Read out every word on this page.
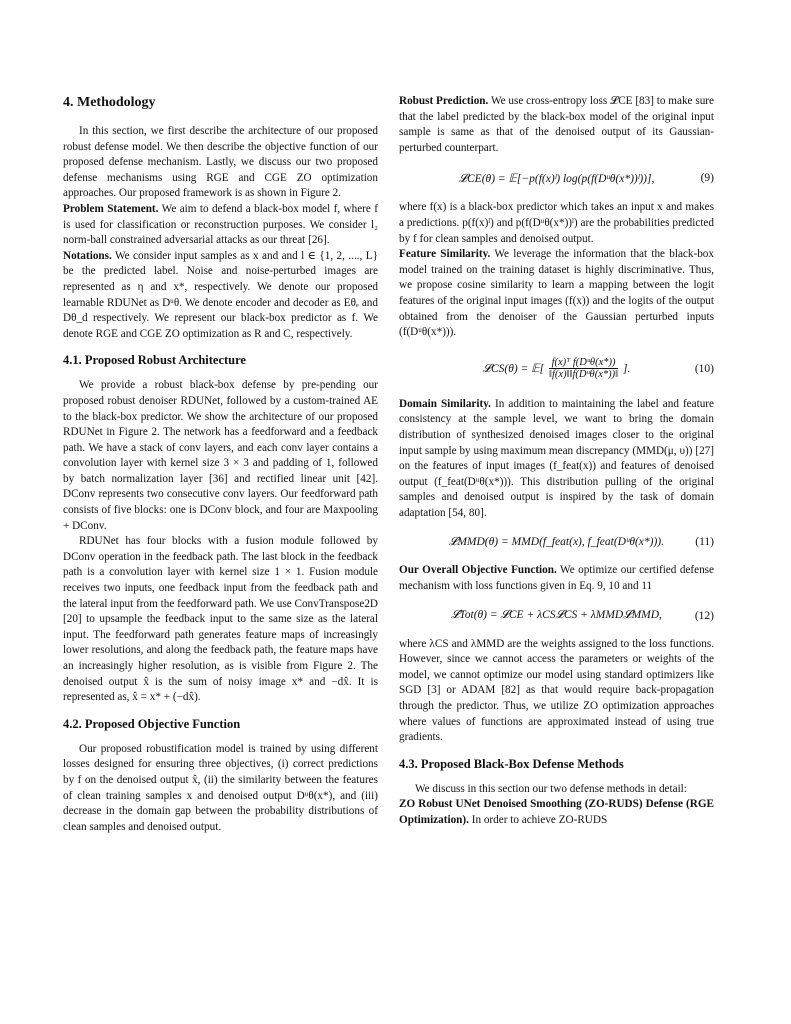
4. Methodology

In this section, we first describe the architecture of our proposed robust defense model. We then describe the objective function of our proposed defense mechanism. Lastly, we discuss our two proposed defense mechanisms using RGE and CGE ZO optimization approaches. Our proposed framework is as shown in Figure 2.

Problem Statement. We aim to defend a black-box model f, where f is used for classification or reconstruction purposes. We consider l₂ norm-ball constrained adversarial attacks as our threat [26].

Notations. We consider input samples as x and and l ∈ {1, 2, ...., L} be the predicted label. Noise and noise-perturbed images are represented as η and x*, respectively. We denote our proposed learnable RDUNet as Dᵘθ. We denote encoder and decoder as Eθₑ and Dθ_d respectively. We represent our black-box predictor as f. We denote RGE and CGE ZO optimization as R and C, respectively.

4.1. Proposed Robust Architecture

We provide a robust black-box defense by pre-pending our proposed robust denoiser RDUNet, followed by a custom-trained AE to the black-box predictor. We show the architecture of our proposed RDUNet in Figure 2. The network has a feedforward and a feedback path. We have a stack of conv layers, and each conv layer contains a convolution layer with kernel size 3 × 3 and padding of 1, followed by batch normalization layer [36] and rectified linear unit [42]. DConv represents two consecutive conv layers. Our feedforward path consists of five blocks: one is DConv block, and four are Maxpooling + DConv.

RDUNet has four blocks with a fusion module followed by DConv operation in the feedback path. The last block in the feedback path is a convolution layer with kernel size 1 × 1. Fusion module receives two inputs, one feedback input from the feedback path and the lateral input from the feedforward path. We use ConvTranspose2D [20] to upsample the feedback input to the same size as the lateral input. The feedforward path generates feature maps of increasingly lower resolutions, and along the feedback path, the feature maps have an increasingly higher resolution, as is visible from Figure 2. The denoised output x̂ is the sum of noisy image x* and −dx̂. It is represented as, x̂ = x* + (−dx̂).

4.2. Proposed Objective Function

Our proposed robustification model is trained by using different losses designed for ensuring three objectives, (i) correct predictions by f on the denoised output x̂, (ii) the similarity between the features of clean training samples x and denoised output Dᵘθ(x*), and (iii) decrease in the domain gap between the probability distributions of clean samples and denoised output.

Robust Prediction. We use cross-entropy loss 𝓛CE [83] to make sure that the label predicted by the black-box model of the original input sample is same as that of the denoised output of its Gaussian-perturbed counterpart.

𝓛CE(θ) = 𝔼[−p(f(x)ˡ) log(p(f(Dᵘθ(x*))ˡ))],	(9)

where f(x) is a black-box predictor which takes an input x and makes a predictions. p(f(x)ˡ) and p(f(Dᵘθ(x*))ˡ) are the probabilities predicted by f for clean samples and denoised output.

Feature Similarity. We leverage the information that the black-box model trained on the training dataset is highly discriminative. Thus, we propose cosine similarity to learn a mapping between the logit features of the original input images (f(x)) and the logits of the output obtained from the denoiser of the Gaussian perturbed inputs (f(Dᵘθ(x*))).

𝓛CS(θ) = 𝔼[ $\frac{\text{f(x)ᵀ f(Dᵘθ(x*))}}{\text{‖f(x)‖‖f(Dᵘθ(x*))‖}}$ ].	(10)

Domain Similarity. In addition to maintaining the label and feature consistency at the sample level, we want to bring the domain distribution of synthesized denoised images closer to the original input sample by using maximum mean discrepancy (MMD(μ, υ)) [27] on the features of input images (f_feat(x)) and features of denoised output (f_feat(Dᵘθ(x*))). This distribution pulling of the original samples and denoised output is inspired by the task of domain adaptation [54, 80].

𝓛MMD(θ) = MMD(f_feat(x), f_feat(Dᵘθ(x*))).	(11)

Our Overall Objective Function. We optimize our certified defense mechanism with loss functions given in Eq. 9, 10 and 11

𝓛Tot(θ) = 𝓛CE + λCS𝓛CS + λMMD𝓛MMD,	(12)

where λCS and λMMD are the weights assigned to the loss functions. However, since we cannot access the parameters or weights of the model, we cannot optimize our model using standard optimizers like SGD [3] or ADAM [82] as that would require back-propagation through the predictor. Thus, we utilize ZO optimization approaches where values of functions are approximated instead of using true gradients.

4.3. Proposed Black-Box Defense Methods

We discuss in this section our two defense methods in detail:

ZO Robust UNet Denoised Smoothing (ZO-RUDS) Defense (RGE Optimization). In order to achieve ZO-RUDS
